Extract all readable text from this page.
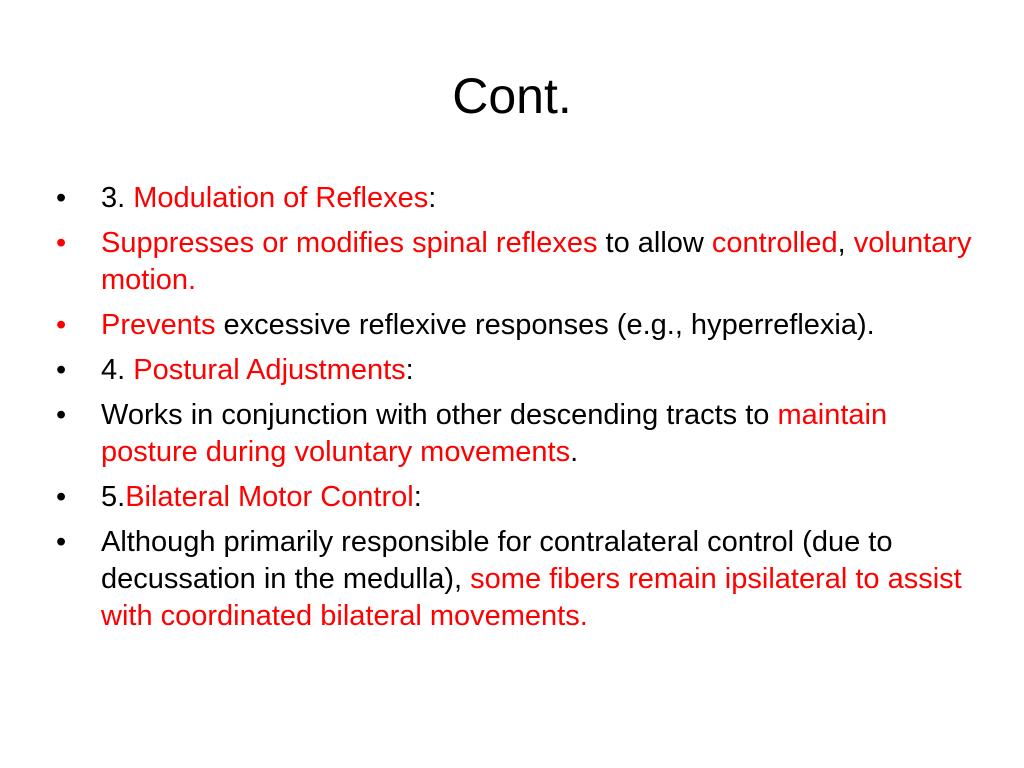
Cont.
•	3. Modulation of Reflexes:
•	Suppresses or modifies spinal reflexes to allow controlled, voluntary motion.
•	Prevents excessive reflexive responses (e.g., hyperreflexia).
•	4. Postural Adjustments:
•	Works in conjunction with other descending tracts to maintain posture during voluntary movements.
•	5.Bilateral Motor Control:
•	Although primarily responsible for contralateral control (due to decussation in the medulla), some fibers remain ipsilateral to assist with coordinated bilateral movements.
